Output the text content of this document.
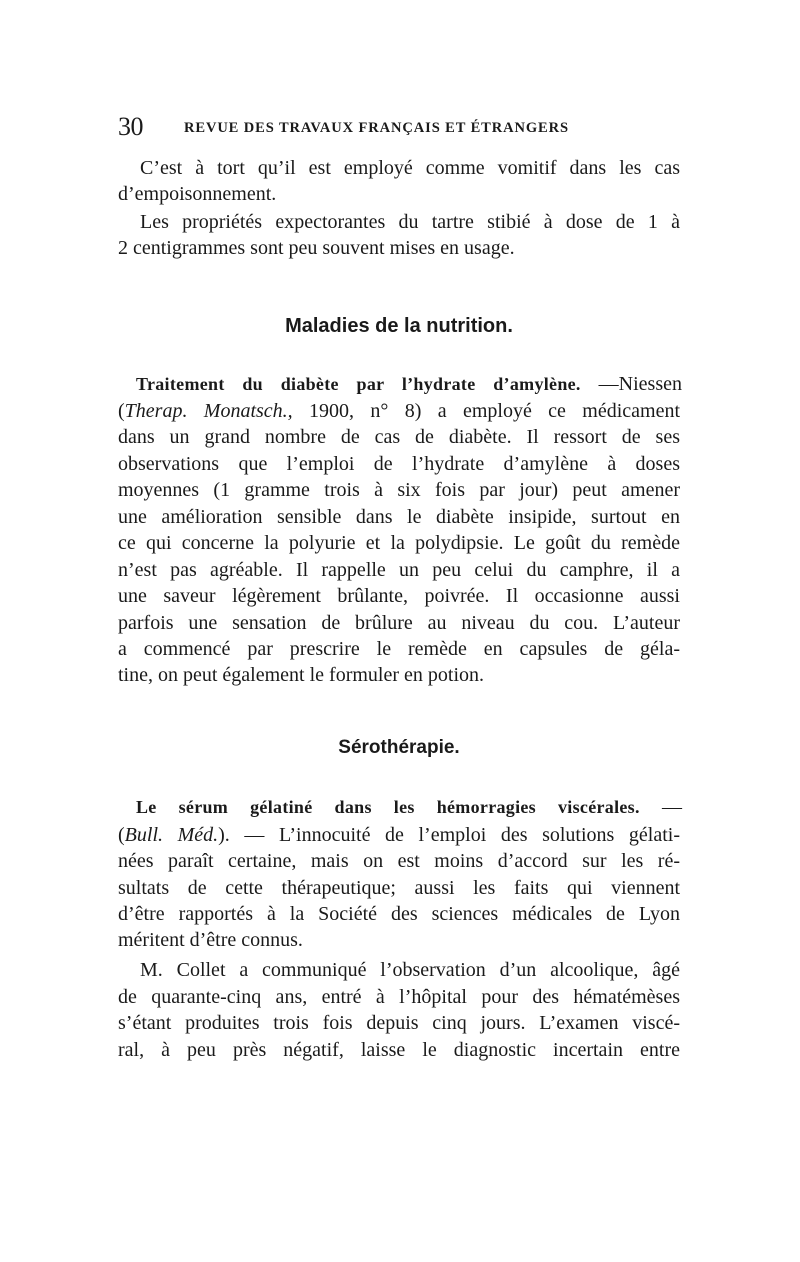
30	REVUE DES TRAVAUX FRANÇAIS ET ÉTRANGERS
C’est à tort qu’il est employé comme vomitif dans les cas
d’empoisonnement.
Les propriétés expectorantes du tartre stibié à dose de 1 à
2 centigrammes sont peu souvent mises en usage.
Maladies de la nutrition.
Traitement du diabète par l’hydrate d’amylène. —Niessen
(Therap. Monatsch., 1900, n° 8) a employé ce médicament
dans un grand nombre de cas de diabète. Il ressort de ses
observations que l’emploi de l’hydrate d’amylène à doses
moyennes (1 gramme trois à six fois par jour) peut amener
une amélioration sensible dans le diabète insipide, surtout en
ce qui concerne la polyurie et la polydipsie. Le goût du remède
n’est pas agréable. Il rappelle un peu celui du camphre, il a
une saveur légèrement brûlante, poivrée. Il occasionne aussi
parfois une sensation de brûlure au niveau du cou. L’auteur
a commencé par prescrire le remède en capsules de géla-
tine, on peut également le formuler en potion.
Sérothérapie.
Le sérum gélatiné dans les hémorragies viscérales. —
(Bull. Méd.). — L’innocuité de l’emploi des solutions gélati-
nées paraît certaine, mais on est moins d’accord sur les ré-
sultats de cette thérapeutique; aussi les faits qui viennent
d’être rapportés à la Société des sciences médicales de Lyon
méritent d’être connus.
M. Collet a communiqué l’observation d’un alcoolique, âgé
de quarante-cinq ans, entré à l’hôpital pour des hématémèses
s’étant produites trois fois depuis cinq jours. L’examen viscé-
ral, à peu près négatif, laisse le diagnostic incertain entre
